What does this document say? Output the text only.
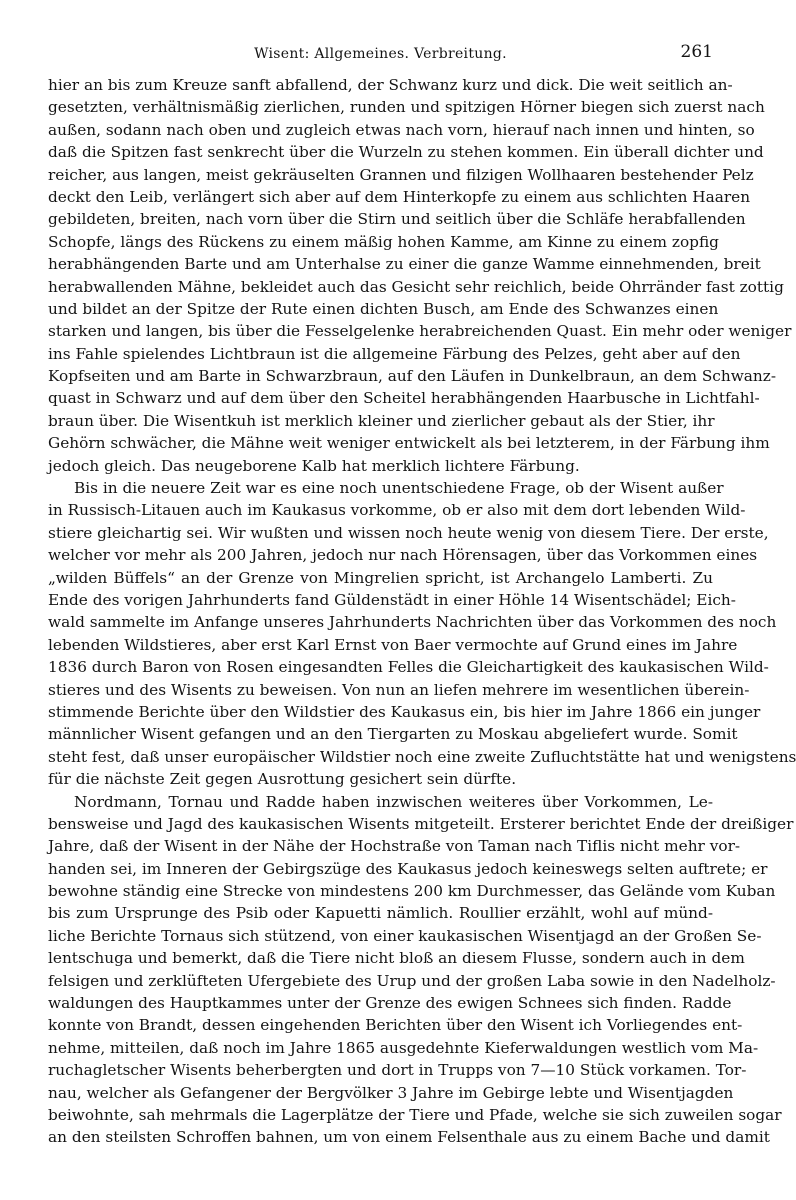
Wisent: Allgemeines. Verbreitung.	261
hier an bis zum Kreuze sanft abfallend, der Schwanz kurz und dick. Die weit seitlich an-
gesetzten, verhältnismäßig zierlichen, runden und spitzigen Hörner biegen sich zuerst nach
außen, sodann nach oben und zugleich etwas nach vorn, hierauf nach innen und hinten, so
daß die Spitzen fast senkrecht über die Wurzeln zu stehen kommen. Ein überall dichter und
reicher, aus langen, meist gekräuselten Grannen und filzigen Wollhaaren bestehender Pelz
deckt den Leib, verlängert sich aber auf dem Hinterkopfe zu einem aus schlichten Haaren
gebildeten, breiten, nach vorn über die Stirn und seitlich über die Schläfe herabfallenden
Schopfe, längs des Rückens zu einem mäßig hohen Kamme, am Kinne zu einem zopfig
herabhängenden Barte und am Unterhalse zu einer die ganze Wamme einnehmenden, breit
herabwallenden Mähne, bekleidet auch das Gesicht sehr reichlich, beide Ohrränder fast zottig
und bildet an der Spitze der Rute einen dichten Busch, am Ende des Schwanzes einen
starken und langen, bis über die Fesselgelenke herabreichenden Quast. Ein mehr oder weniger
ins Fahle spielendes Lichtbraun ist die allgemeine Färbung des Pelzes, geht aber auf den
Kopfseiten und am Barte in Schwarzbraun, auf den Läufen in Dunkelbraun, an dem Schwanz-
quast in Schwarz und auf dem über den Scheitel herabhängenden Haarbusche in Lichtfahl-
braun über. Die Wisentkuh ist merklich kleiner und zierlicher gebaut als der Stier, ihr
Gehörn schwächer, die Mähne weit weniger entwickelt als bei letzterem, in der Färbung ihm
jedoch gleich. Das neugeborene Kalb hat merklich lichtere Färbung.
Bis in die neuere Zeit war es eine noch unentschiedene Frage, ob der Wisent außer
in Russisch-Litauen auch im Kaukasus vorkomme, ob er also mit dem dort lebenden Wild-
stiere gleichartig sei. Wir wußten und wissen noch heute wenig von diesem Tiere. Der erste,
welcher vor mehr als 200 Jahren, jedoch nur nach Hörensagen, über das Vorkommen eines
„wilden Büffels“ an der Grenze von Mingrelien spricht, ist Archangelo Lamberti. Zu
Ende des vorigen Jahrhunderts fand Güldenstädt in einer Höhle 14 Wisentschädel; Eich-
wald sammelte im Anfange unseres Jahrhunderts Nachrichten über das Vorkommen des noch
lebenden Wildstieres, aber erst Karl Ernst von Baer vermochte auf Grund eines im Jahre
1836 durch Baron von Rosen eingesandten Felles die Gleichartigkeit des kaukasischen Wild-
stieres und des Wisents zu beweisen. Von nun an liefen mehrere im wesentlichen überein-
stimmende Berichte über den Wildstier des Kaukasus ein, bis hier im Jahre 1866 ein junger
männlicher Wisent gefangen und an den Tiergarten zu Moskau abgeliefert wurde. Somit
steht fest, daß unser europäischer Wildstier noch eine zweite Zufluchtstätte hat und wenigstens
für die nächste Zeit gegen Ausrottung gesichert sein dürfte.
Nordmann, Tornau und Radde haben inzwischen weiteres über Vorkommen, Le-
bensweise und Jagd des kaukasischen Wisents mitgeteilt. Ersterer berichtet Ende der dreißiger
Jahre, daß der Wisent in der Nähe der Hochstraße von Taman nach Tiflis nicht mehr vor-
handen sei, im Inneren der Gebirgszüge des Kaukasus jedoch keineswegs selten auftrete; er
bewohne ständig eine Strecke von mindestens 200 km Durchmesser, das Gelände vom Kuban
bis zum Ursprunge des Psib oder Kapuetti nämlich. Roullier erzählt, wohl auf münd-
liche Berichte Tornaus sich stützend, von einer kaukasischen Wisentjagd an der Großen Se-
lentschuga und bemerkt, daß die Tiere nicht bloß an diesem Flusse, sondern auch in dem
felsigen und zerklüfteten Ufergebiete des Urup und der großen Laba sowie in den Nadelholz-
waldungen des Hauptkammes unter der Grenze des ewigen Schnees sich finden. Radde
konnte von Brandt, dessen eingehenden Berichten über den Wisent ich Vorliegendes ent-
nehme, mitteilen, daß noch im Jahre 1865 ausgedehnte Kieferwaldungen westlich vom Ma-
ruchagletscher Wisents beherbergten und dort in Trupps von 7—10 Stück vorkamen. Tor-
nau, welcher als Gefangener der Bergvölker 3 Jahre im Gebirge lebte und Wisentjagden
beiwohnte, sah mehrmals die Lagerplätze der Tiere und Pfade, welche sie sich zuweilen sogar
an den steilsten Schroffen bahnen, um von einem Felsenthale aus zu einem Bache und damit
